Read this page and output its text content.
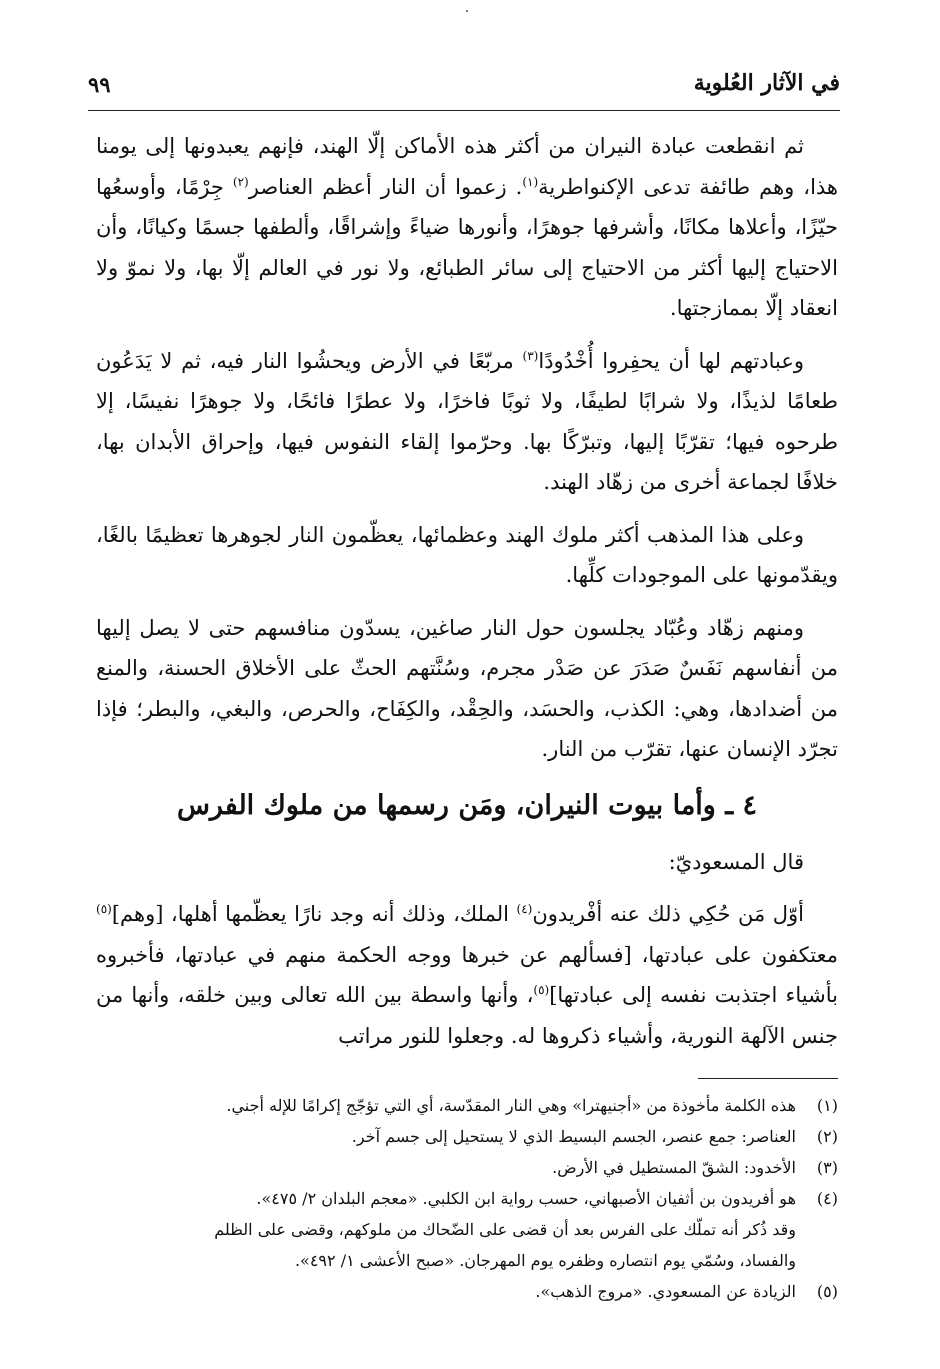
في الآثار العُلوية
٩٩

ثم انقطعت عبادة النيران من أكثر هذه الأماكن إلّا الهند، فإنهم يعبدونها إلى يومنا هذا، وهم طائفة تدعى الإكنواطرية$^{(١)}$. زعموا أن النار أعظم العناصر$^{(٢)}$ جِرْمًا، وأوسعُها حيّزًا، وأعلاها مكانًا، وأشرفها جوهرًا، وأنورها ضياءً وإشراقًا، وألطفها جسمًا وكيانًا، وأن الاحتياج إليها أكثر من الاحتياج إلى سائر الطبائع، ولا نور في العالم إلّا بها، ولا نموّ ولا انعقاد إلّا بممازجتها.

وعبادتهم لها أن يحفِروا أُخْدُودًا$^{(٣)}$ مربّعًا في الأرض ويحشُوا النار فيه، ثم لا يَدَعُون طعامًا لذيذًا، ولا شرابًا لطيفًا، ولا ثوبًا فاخرًا، ولا عطرًا فائحًا، ولا جوهرًا نفيسًا، إلا طرحوه فيها؛ تقرّبًا إليها، وتبرّكًا بها. وحرّموا إلقاء النفوس فيها، وإحراق الأبدان بها، خلافًا لجماعة أخرى من زهّاد الهند.

وعلى هذا المذهب أكثر ملوك الهند وعظمائها، يعظّمون النار لجوهرها تعظيمًا بالغًا، ويقدّمونها على الموجودات كلِّها.

ومنهم زهّاد وعُبّاد يجلسون حول النار صاغين، يسدّون منافسهم حتى لا يصل إليها من أنفاسهم نَفَسٌ صَدَرَ عن صَدْر مجرم، وسُنَّتهم الحثّ على الأخلاق الحسنة، والمنع من أضدادها، وهي: الكذب، والحسَد، والحِقْد، والكِفَاح، والحرص، والبغي، والبطر؛ فإذا تجرّد الإنسان عنها، تقرّب من النار.

٤ ـ وأما بيوت النيران، ومَن رسمها من ملوك الفرس

قال المسعوديّ:

أوّل مَن حُكِي ذلك عنه أفْريدون$^{(٤)}$ الملك، وذلك أنه وجد نارًا يعظّمها أهلها، [وهم]$^{(٥)}$ معتكفون على عبادتها، [فسألهم عن خبرها ووجه الحكمة منهم في عبادتها، فأخبروه بأشياء اجتذبت نفسه إلى عبادتها]$^{(٥)}$، وأنها واسطة بين الله تعالى وبين خلقه، وأنها من جنس الآلهة النورية، وأشياء ذكروها له. وجعلوا للنور مراتب

(١)
هذه الكلمة مأخوذة من «أجنيهترا» وهي النار المقدّسة، أي التي تؤجّج إكرامًا للإله أجني.
(٢)
العناصر: جمع عنصر، الجسم البسيط الذي لا يستحيل إلى جسم آخر.
(٣)
الأخدود: الشقّ المستطيل في الأرض.
(٤)
هو أفريدون بن أثفيان الأصبهاني، حسب رواية ابن الكلبي. «معجم البلدان ٢/ ٤٧٥».
وقد ذُكر أنه تملّك على الفرس بعد أن قضى على الضّحاك من ملوكهم، وقضى على الظلم
والفساد، وسُمّي يوم انتصاره وظفره يوم المهرجان. «صبح الأعشى ١/ ٤٩٢».
(٥)
الزيادة عن المسعودي. «مروج الذهب».
